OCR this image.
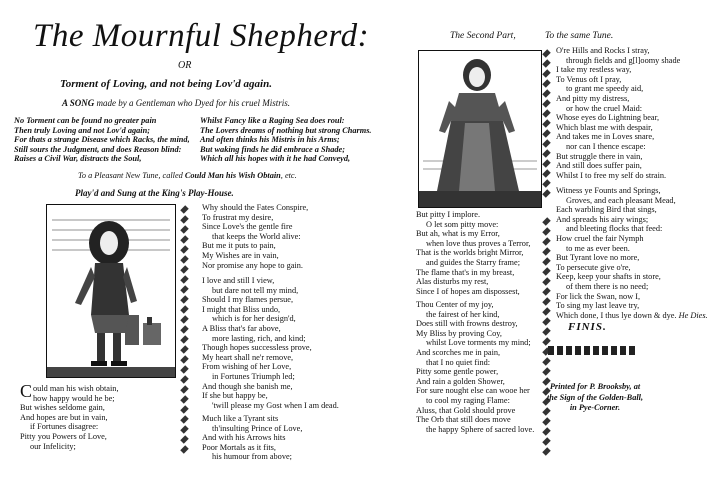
The Mournful Shepherd:
OR
Torment of Loving, and not being Lov'd again.
A SONG made by a Gentleman who Dyed for his cruel Mistris.
No Torment can be found no greater pain
Then truly Loving and not Lov'd again;
For thats a strange Disease which Racks, the mind,
Still sours the Judgment, and does Reason blind:
Raises a Civil War, distracts the Soul,
Whilst Fancy like a Raging Sea does roul:
The Lovers dreams of nothing but strong Charms.
And often thinks his Mistris in his Arms;
But waking finds he did embrace a Shade;
Which all his hopes with it he had Conveyd,
To a Pleasant New Tune, called Could Man his Wish Obtain, etc.
Play'd and Sung at the King's Play-House.
Could man his wish obtain,
how happy would he be;
But wishes seldome gain,
And hopes are but in vain,
if Fortunes disagree:
Pitty you Powers of Love,
our Infelicity;
Why should the Fates Conspire,
To frustrat my desire,
Since Love's the gentle fire
that keeps the World alive:
But me it puts to pain,
My Wishes are in vain,
Nor promise any hope to gain.
I love and still I view,
but dare not tell my mind,
Should I my flames persue,
I might that Bliss undo,
which is for her design'd,
A Bliss that's far above,
more lasting, rich, and kind;
Though hopes successless prove,
My heart shall ne'r remove,
From wishing of her Love,
in Fortunes Triumph led;
And though she banish me,
If she but happy be,
'twill please my Gost when I am dead.
Much like a Tyrant sits
th'insulting Prince of Love,
And with his Arrows hits
Poor Mortals as it fits,
his humour from above;
The Second Part,	To the same Tune.
But pitty I implore.
O let som pitty move:
But ah, what is my Error,
when love thus proves a Terror,
That is the worlds bright Mirror,
and guides the Starry frame;
The flame that's in my breast,
Alas disturbs my rest,
Since I of hopes am dispossest,
Thou Center of my joy,
the fairest of her kind,
Does still with frowns destroy,
My Bliss by proving Coy,
whilst Love torments my mind;
And scorches me in pain,
that I no quiet find:
Pitty some gentle power,
And rain a golden Shower,
For sure nought else can wooe her
to cool my raging Flame:
Aluss, that Gold should prove
The Orb that still does move
the happy Sphere of sacred love.
O're Hills and Rocks I stray,
through fields and g[l]oomy shade
I take my restless way,
To Venus oft I pray,
to grant me speedy aid,
And pitty my distress,
or how the cruel Maid:
Whose eyes do Lightning bear,
Which blast me with despair,
And takes me in Loves snare,
nor can I thence escape:
But struggle there in vain,
And still does suffer pain,
Whilst I to free my self do strain.
Witness ye Founts and Springs,
Groves, and each pleasant Mead,
Each warbling Bird that sings,
And spreads his airy wings;
and bleeting flocks that feed:
How cruel the fair Nymph
to me as ever been.
But Tyrant love no more,
To persecute give o're,
Keep, keep your shafts in store,
of them there is no need;
For lick the Swan, now I,
To sing my last leave try,
Which done, I thus lye down & dye. He Dies.
FINIS.
Printed for P. Brooksby, at
the Sign of the Golden-Ball,
in Pye-Corner.
